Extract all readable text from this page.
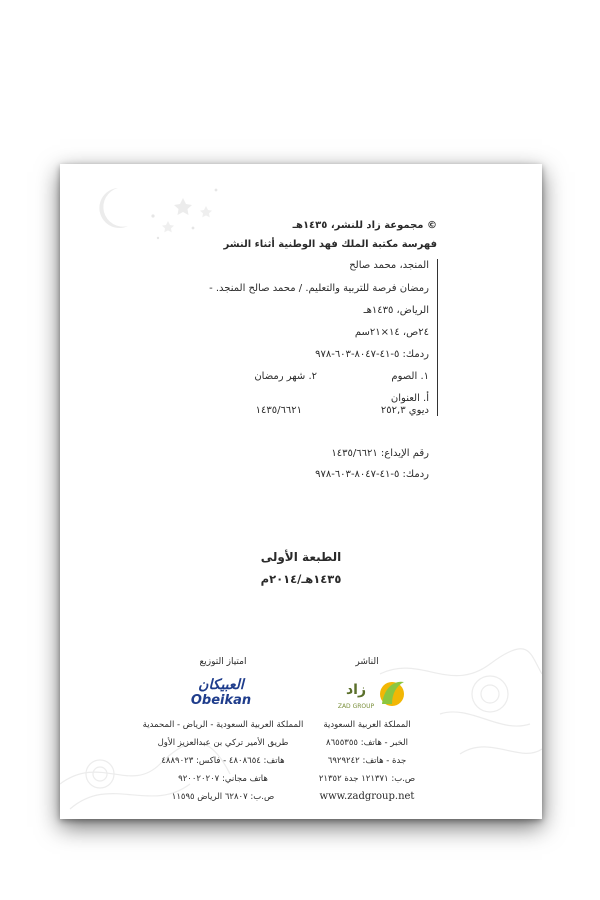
© مجموعة زاد للنشر، ١٤٣٥هـ
فهرسة مكتبة الملك فهد الوطنية أثناء النشر
المنجد، محمد صالح
رمضان فرصة للتربية والتعليم. / محمد صالح المنجد. -
الرياض، ١٤٣٥هـ
٢٤ص، ١٤×٢١سم
ردمك: ٥-٤١-٨٠٤٧-٦٠٣-٩٧٨
١. الصوم
٢. شهر رمضان
أ. العنوان
ديوي ٢٥٢,٣
١٤٣٥/٦٦٢١
رقم الإيداع: ١٤٣٥/٦٦٢١
ردمك: ٥-٤١-٨٠٤٧-٦٠٣-٩٧٨
الطبعة الأولى
١٤٣٥هـ/٢٠١٤م
الناشر
زاد
ZAD GROUP
المملكة العربية السعودية
الخبر - هاتف: ٨٦٥٥٣٥٥
جدة - هاتف: ٦٩٢٩٢٤٢
ص.ب: ١٢١٣٧١ جدة ٢١٣٥٢
www.zadgroup.net
امتياز التوزيع
العبيكان
Obeikan
المملكة العربية السعودية - الرياض - المحمدية
طريق الأمير تركي بن عبدالعزيز الأول
هاتف: ٤٨٠٨٦٥٤ - فاكس: ٤٨٨٩٠٢٣
هاتف مجاني: ٩٢٠٠٢٠٢٠٧
ص.ب: ٦٢٨٠٧ الرياض ١١٥٩٥
